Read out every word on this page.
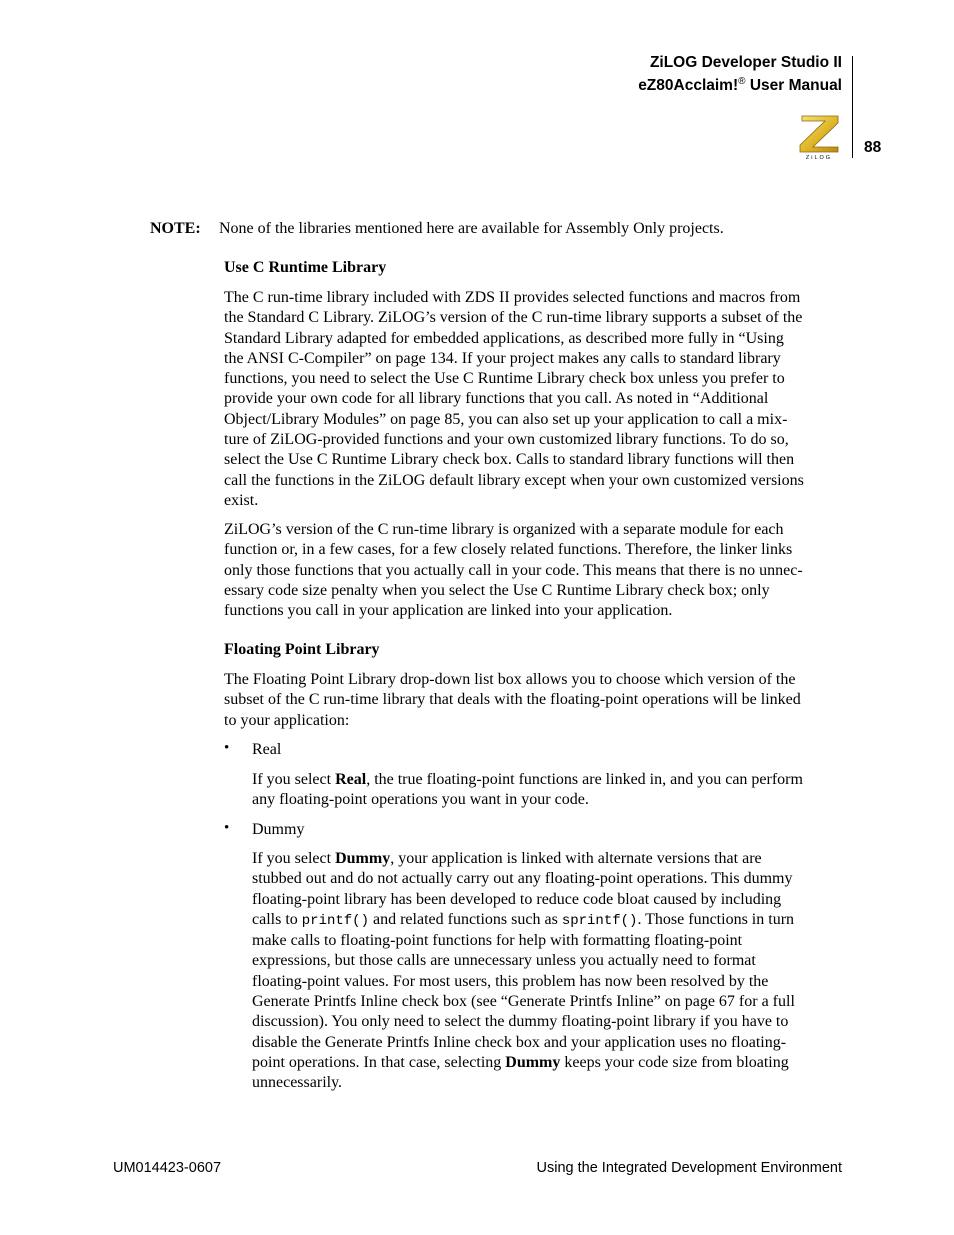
ZiLOG Developer Studio II
eZ80Acclaim!® User Manual
ZiLOG
88
NOTE: None of the libraries mentioned here are available for Assembly Only projects.
Use C Runtime Library

The C run-time library included with ZDS II provides selected functions and macros from

the Standard C Library. ZiLOG’s version of the C run-time library supports a subset of the

Standard Library adapted for embedded applications, as described more fully in “Using

the ANSI C-Compiler” on page 134. If your project makes any calls to standard library

functions, you need to select the Use C Runtime Library check box unless you prefer to

provide your own code for all library functions that you call. As noted in “Additional

Object/Library Modules” on page 85, you can also set up your application to call a mix-

ture of ZiLOG-provided functions and your own customized library functions. To do so,

select the Use C Runtime Library check box. Calls to standard library functions will then

call the functions in the ZiLOG default library except when your own customized versions

exist.

ZiLOG’s version of the C run-time library is organized with a separate module for each

function or, in a few cases, for a few closely related functions. Therefore, the linker links

only those functions that you actually call in your code. This means that there is no unnec-

essary code size penalty when you select the Use C Runtime Library check box; only

functions you call in your application are linked into your application.

Floating Point Library

The Floating Point Library drop-down list box allows you to choose which version of the

subset of the C run-time library that deals with the floating-point operations will be linked

to your application:

• Real

If you select Real, the true floating-point functions are linked in, and you can perform

any floating-point operations you want in your code.

• Dummy

If you select Dummy, your application is linked with alternate versions that are

stubbed out and do not actually carry out any floating-point operations. This dummy

floating-point library has been developed to reduce code bloat caused by including

calls to printf() and related functions such as sprintf(). Those functions in turn

make calls to floating-point functions for help with formatting floating-point

expressions, but those calls are unnecessary unless you actually need to format

floating-point values. For most users, this problem has now been resolved by the

Generate Printfs Inline check box (see “Generate Printfs Inline” on page 67 for a full

discussion). You only need to select the dummy floating-point library if you have to

disable the Generate Printfs Inline check box and your application uses no floating-

point operations. In that case, selecting Dummy keeps your code size from bloating

unnecessarily.

UM014423-0607	Using the Integrated Development Environment
